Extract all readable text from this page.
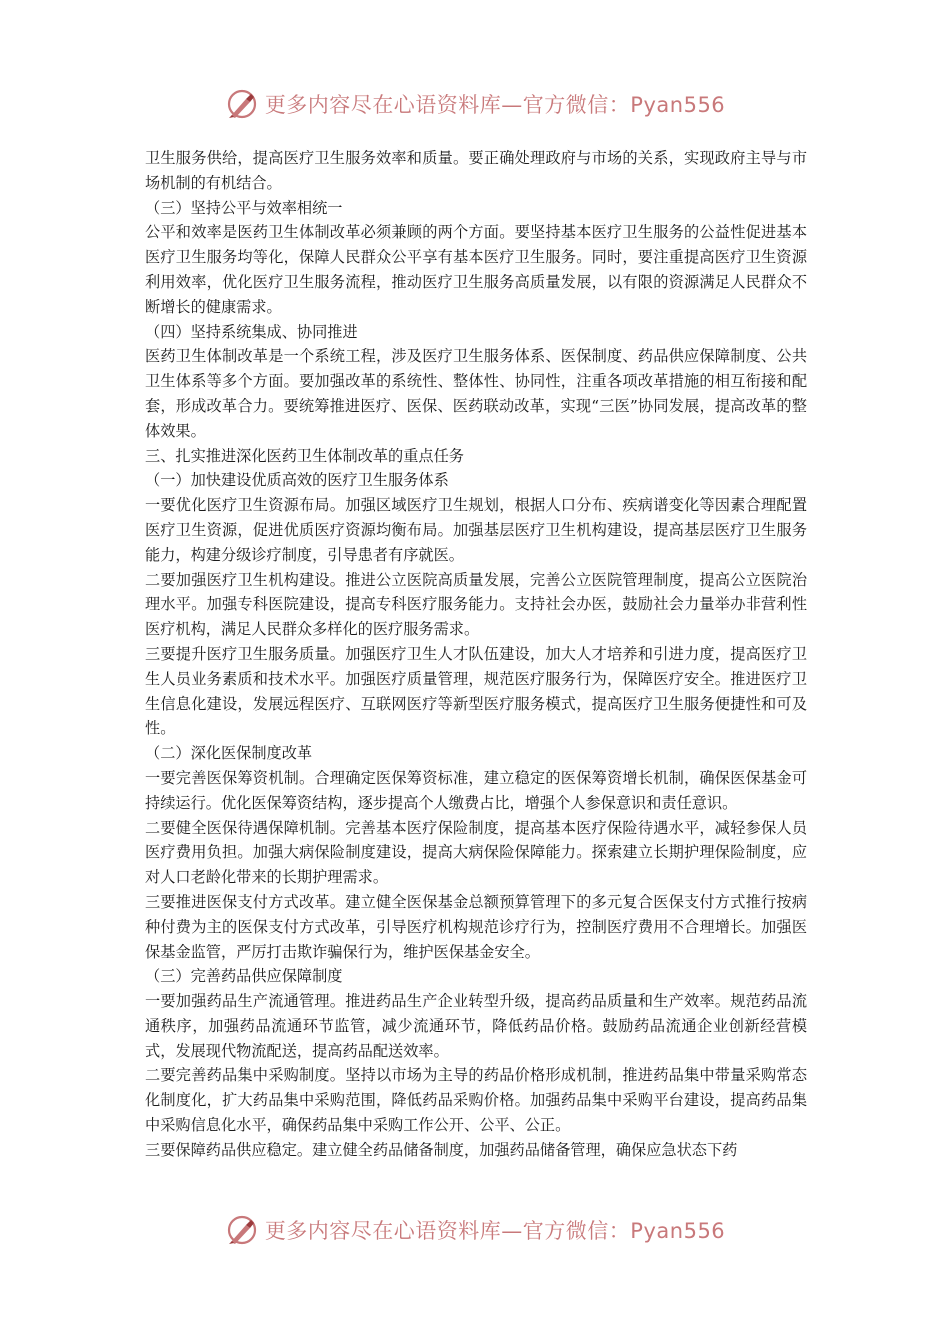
更多内容尽在心语资料库—官方微信：Pyan556

卫生服务供给，提高医疗卫生服务效率和质量。要正确处理政府与市场的关系，实现政府主导与市场机制的有机结合。

（三）坚持公平与效率相统一

公平和效率是医药卫生体制改革必须兼顾的两个方面。要坚持基本医疗卫生服务的公益性促进基本医疗卫生服务均等化，保障人民群众公平享有基本医疗卫生服务。同时，要注重提高医疗卫生资源利用效率，优化医疗卫生服务流程，推动医疗卫生服务高质量发展，以有限的资源满足人民群众不断增长的健康需求。

（四）坚持系统集成、协同推进

医药卫生体制改革是一个系统工程，涉及医疗卫生服务体系、医保制度、药品供应保障制度、公共卫生体系等多个方面。要加强改革的系统性、整体性、协同性，注重各项改革措施的相互衔接和配套，形成改革合力。要统筹推进医疗、医保、医药联动改革，实现“三医”协同发展，提高改革的整体效果。

三、扎实推进深化医药卫生体制改革的重点任务

（一）加快建设优质高效的医疗卫生服务体系

一要优化医疗卫生资源布局。加强区域医疗卫生规划，根据人口分布、疾病谱变化等因素合理配置医疗卫生资源，促进优质医疗资源均衡布局。加强基层医疗卫生机构建设，提高基层医疗卫生服务能力，构建分级诊疗制度，引导患者有序就医。

二要加强医疗卫生机构建设。推进公立医院高质量发展，完善公立医院管理制度，提高公立医院治理水平。加强专科医院建设，提高专科医疗服务能力。支持社会办医，鼓励社会力量举办非营利性医疗机构，满足人民群众多样化的医疗服务需求。

三要提升医疗卫生服务质量。加强医疗卫生人才队伍建设，加大人才培养和引进力度，提高医疗卫生人员业务素质和技术水平。加强医疗质量管理，规范医疗服务行为，保障医疗安全。推进医疗卫生信息化建设，发展远程医疗、互联网医疗等新型医疗服务模式，提高医疗卫生服务便捷性和可及性。

（二）深化医保制度改革

一要完善医保筹资机制。合理确定医保筹资标准，建立稳定的医保筹资增长机制，确保医保基金可持续运行。优化医保筹资结构，逐步提高个人缴费占比，增强个人参保意识和责任意识。

二要健全医保待遇保障机制。完善基本医疗保险制度，提高基本医疗保险待遇水平，减轻参保人员医疗费用负担。加强大病保险制度建设，提高大病保险保障能力。探索建立长期护理保险制度，应对人口老龄化带来的长期护理需求。

三要推进医保支付方式改革。建立健全医保基金总额预算管理下的多元复合医保支付方式推行按病种付费为主的医保支付方式改革，引导医疗机构规范诊疗行为，控制医疗费用不合理增长。加强医保基金监管，严厉打击欺诈骗保行为，维护医保基金安全。

（三）完善药品供应保障制度

一要加强药品生产流通管理。推进药品生产企业转型升级，提高药品质量和生产效率。规范药品流通秩序，加强药品流通环节监管，减少流通环节，降低药品价格。鼓励药品流通企业创新经营模式，发展现代物流配送，提高药品配送效率。

二要完善药品集中采购制度。坚持以市场为主导的药品价格形成机制，推进药品集中带量采购常态化制度化，扩大药品集中采购范围，降低药品采购价格。加强药品集中采购平台建设，提高药品集中采购信息化水平，确保药品集中采购工作公开、公平、公正。

三要保障药品供应稳定。建立健全药品储备制度，加强药品储备管理，确保应急状态下药

更多内容尽在心语资料库—官方微信：Pyan556
